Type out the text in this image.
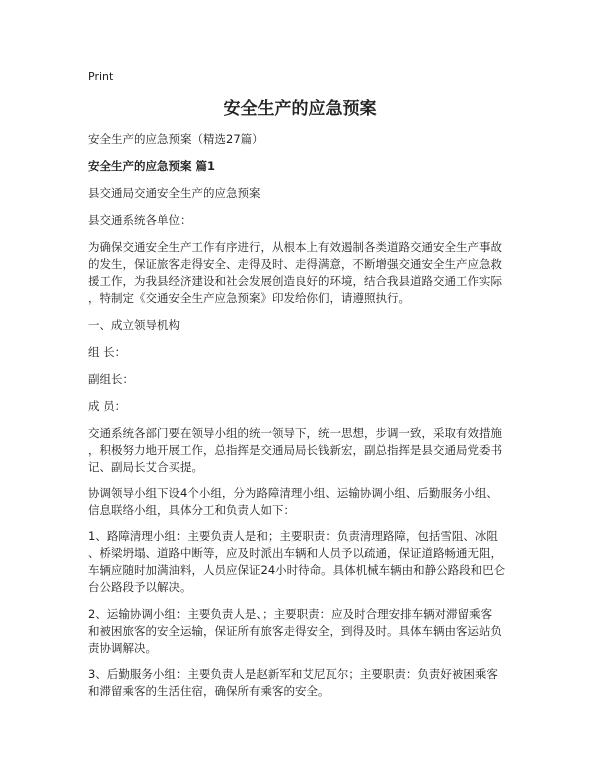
Print
安全生产的应急预案
安全生产的应急预案（精选27篇）
安全生产的应急预案 篇1
县交通局交通安全生产的应急预案
县交通系统各单位：
为确保交通安全生产工作有序进行，从根本上有效遏制各类道路交通安全生产事故
的发生，保证旅客走得安全、走得及时、走得满意，不断增强交通安全生产应急救
援工作，为我县经济建设和社会发展创造良好的环境，结合我县道路交通工作实际
，特制定《交通安全生产应急预案》印发给你们，请遵照执行。
一、成立领导机构
组 长：
副组长：
成 员：
交通系统各部门要在领导小组的统一领导下，统一思想，步调一致，采取有效措施
，积极努力地开展工作，总指挥是交通局局长钱新宏，副总指挥是县交通局党委书
记、副局长艾合买提。
协调领导小组下设4个小组，分为路障清理小组、运输协调小组、后勤服务小组、
信息联络小组，具体分工和负责人如下：
1、路障清理小组：主要负责人是和；主要职责：负责清理路障，包括雪阻、冰阻
、桥梁坍塌、道路中断等，应及时派出车辆和人员予以疏通，保证道路畅通无阻，
车辆应随时加满油料，人员应保证24小时待命。具体机械车辆由和静公路段和巴仑
台公路段予以解决。
2、运输协调小组：主要负责人是、；主要职责：应及时合理安排车辆对滞留乘客
和被困旅客的安全运输，保证所有旅客走得安全，到得及时。具体车辆由客运站负
责协调解决。
3、后勤服务小组：主要负责人是赵新军和艾尼瓦尔；主要职责：负责好被困乘客
和滞留乘客的生活住宿，确保所有乘客的安全。
